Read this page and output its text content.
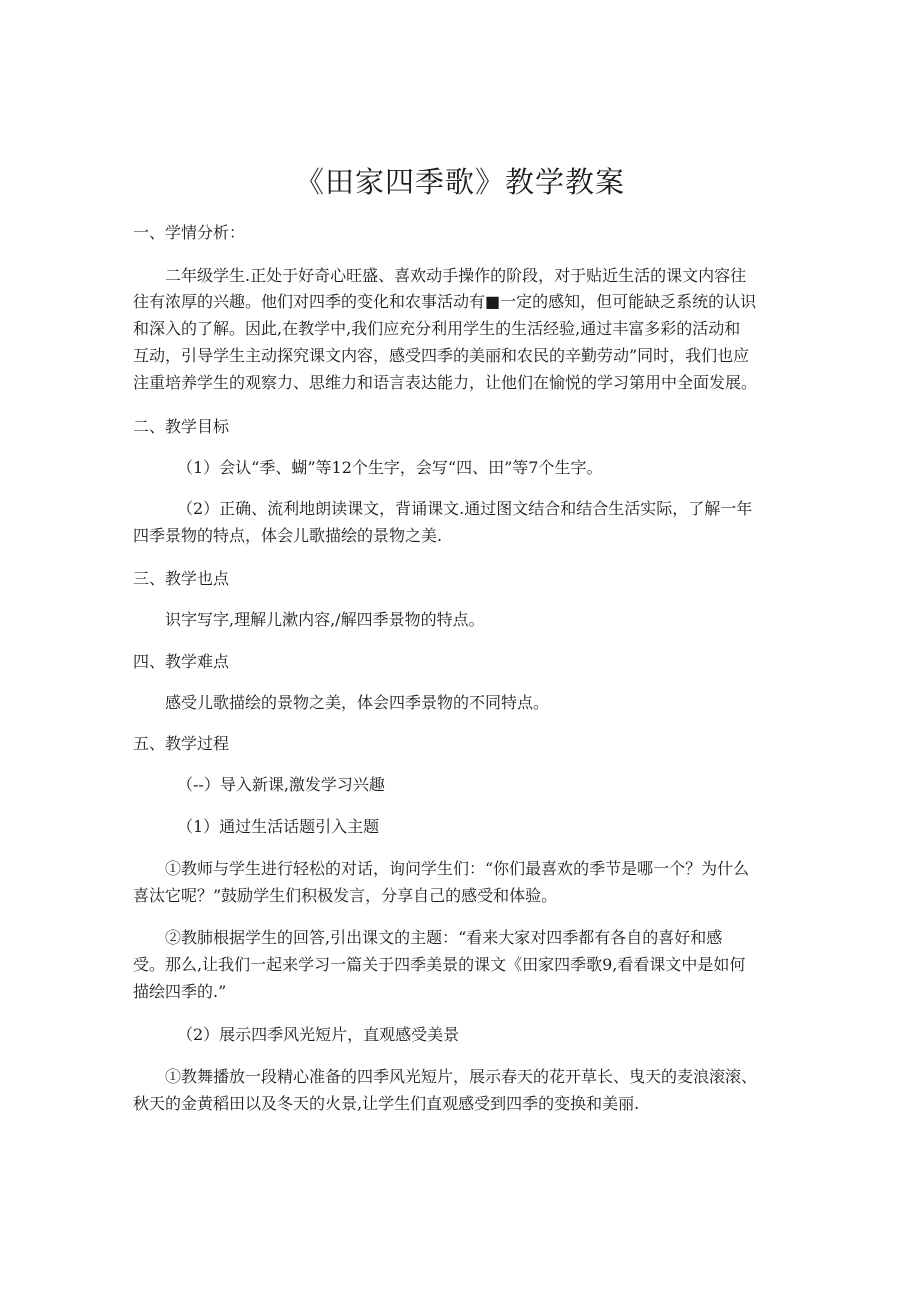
《田家四季歌》教学教案

一、学情分析：

二年级学生.正处于好奇心旺盛、喜欢动手操作的阶段，对于贴近生活的课文内容往

往有浓厚的兴趣。他们对四季的变化和农事活动有■一定的感知，但可能缺乏系统的认识

和深入的了解。因此,在教学中,我们应充分利用学生的生活经验,通过丰富多彩的活动和

互动，引导学生主动探究课文内容，感受四季的美丽和农民的辛勤劳动”同时，我们也应

注重培养学生的观察力、思维力和语言表达能力，让他们在愉悦的学习第用中全面发展。

二、教学目标

（1）会认“季、蝴”等12个生字，会写“四、田”等7个生字。

（2）正确、流利地朗读课文，背诵课文.通过图文结合和结合生活实际，了解一年

四季景物的特点，体会儿歌描绘的景物之美.

三、教学也点

识字写字,理解儿漱内容,/解四季景物的特点。

四、教学难点

感受儿歌描绘的景物之美，体会四季景物的不同特点。

五、教学过程

（--）导入新课,激发学习兴趣

（1）通过生活话题引入主题

①教师与学生进行轻松的对话，询问学生们：“你们最喜欢的季节是哪一个？为什么

喜汰它呢？”鼓励学生们积极发言，分享自己的感受和体验。

②教肺根据学生的回答,引出课文的主题：“看来大家对四季都有各自的喜好和感

受。那么,让我们一起来学习一篇关于四季美景的课文《田家四季歌9,看看课文中是如何

描绘四季的.”

（2）展示四季风光短片，直观感受美景

①教舞播放一段精心准备的四季风光短片，展示春天的花开草长、曳天的麦浪滚滚、

秋天的金黄稻田以及冬天的火景,让学生们直观感受到四季的变换和美丽.
